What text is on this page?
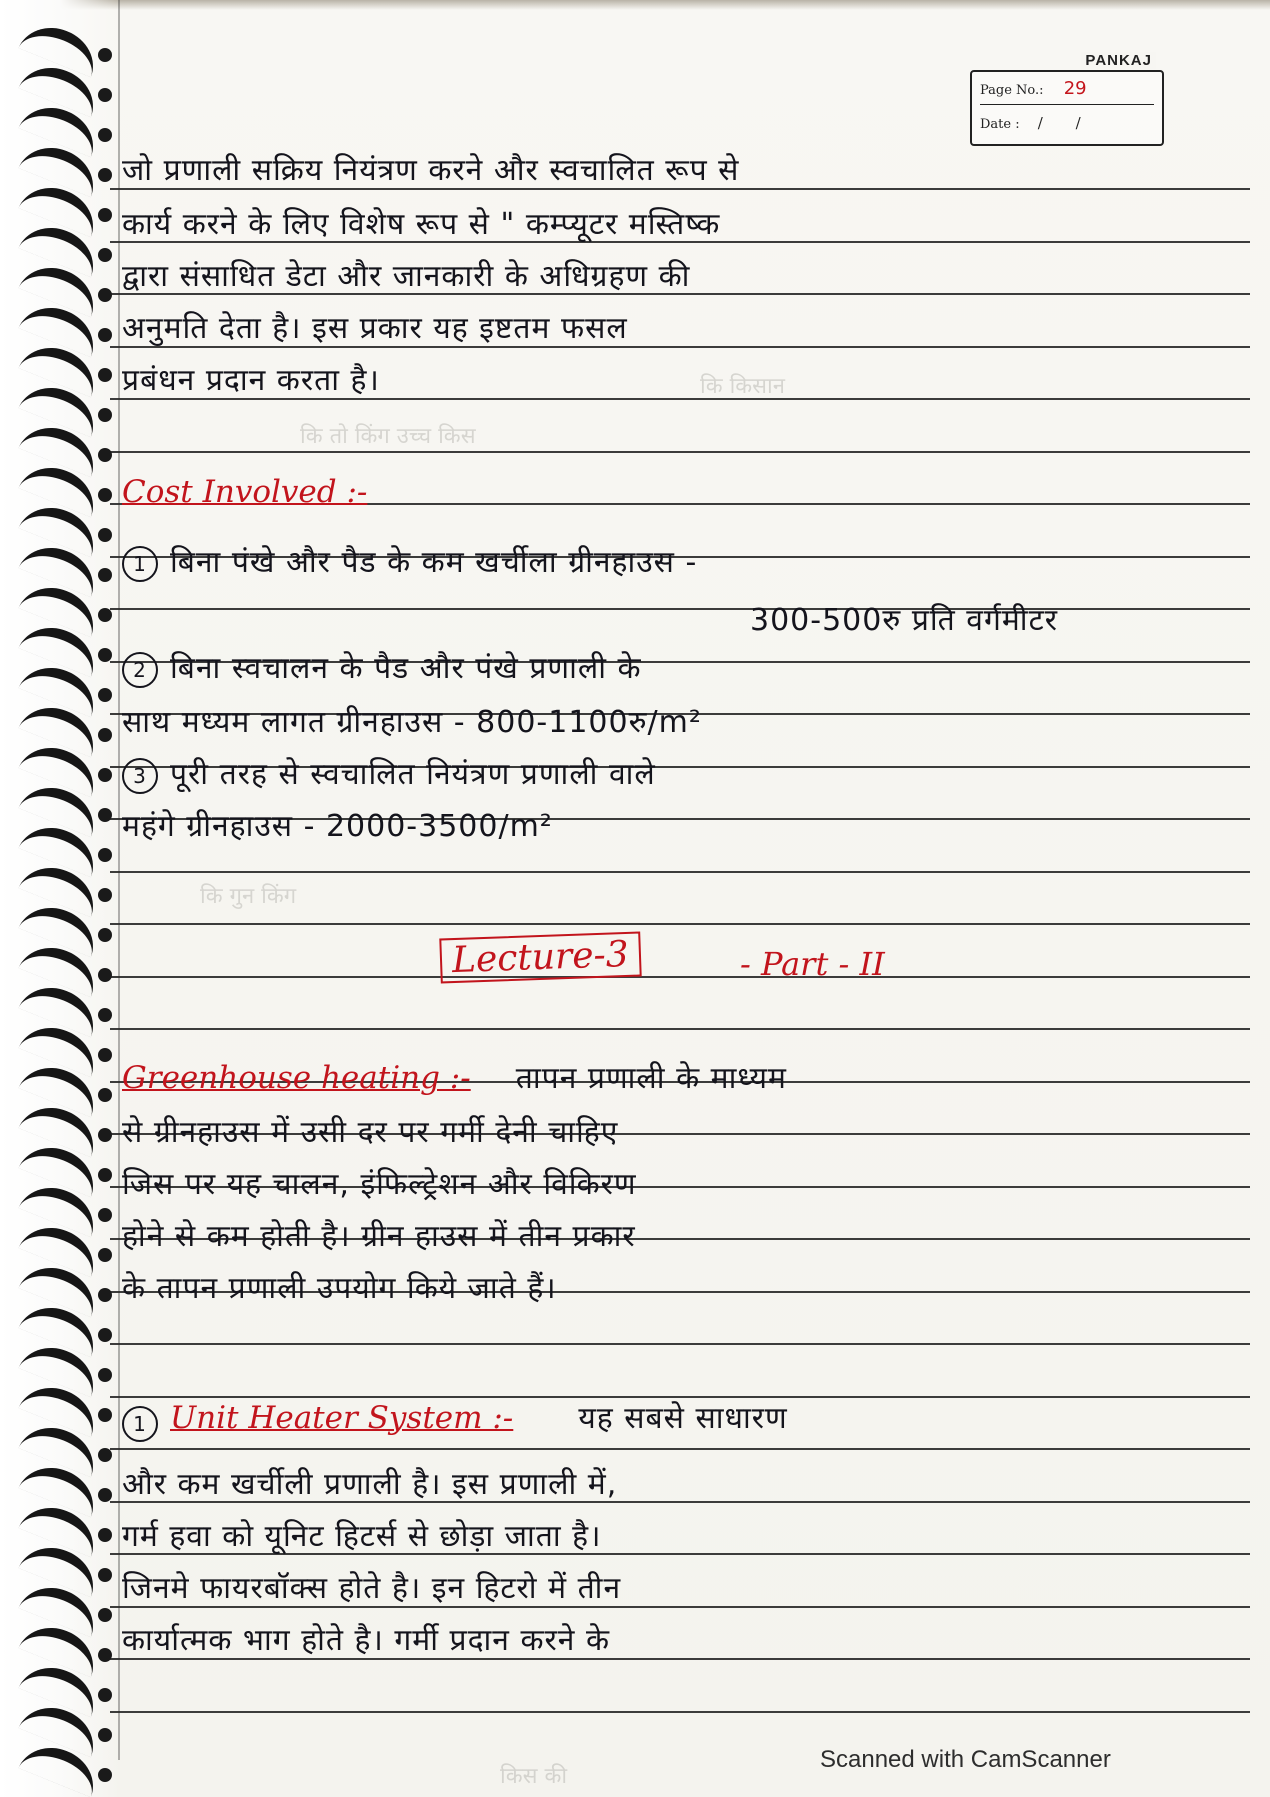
PANKAJ
Page No.: 29
Date : / /
जो प्रणाली सक्रिय नियंत्रण करने और स्वचालित रूप से
कार्य करने के लिए विशेष रूप से " कम्प्यूटर मस्तिष्क
द्वारा संसाधित डेटा और जानकारी के अधिग्रहण की
अनुमति देता है। इस प्रकार यह इष्टतम फसल
प्रबंधन प्रदान करता है।	कि किसान
कि तो किंग उच्च किस
कि गुन किंग
किस की
Cost Involved :-
1 बिना पंखे और पैड के कम खर्चीला ग्रीनहाउस -
300-500रु प्रति वर्गमीटर
2 बिना स्वचालन के पैड और पंखे प्रणाली के
साथ मध्यम लागत ग्रीनहाउस - 800-1100रु/m²
3 पूरी तरह से स्वचालित नियंत्रण प्रणाली वाले
महंगे ग्रीनहाउस - 2000-3500/m²
Lecture-3	- Part - II
Greenhouse heating :- तापन प्रणाली के माध्यम
से ग्रीनहाउस में उसी दर पर गर्मी देनी चाहिए
जिस पर यह चालन, इंफिल्ट्रेशन और विकिरण
होने से कम होती है। ग्रीन हाउस में तीन प्रकार
के तापन प्रणाली उपयोग किये जाते हैं।
1 Unit Heater System :- यह सबसे साधारण
और कम खर्चीली प्रणाली है। इस प्रणाली में,
गर्म हवा को यूनिट हिटर्स से छोड़ा जाता है।
जिनमे फायरबॉक्स होते है। इन हिटरो में तीन
कार्यात्मक भाग होते है। गर्मी प्रदान करने के
Scanned with CamScanner
